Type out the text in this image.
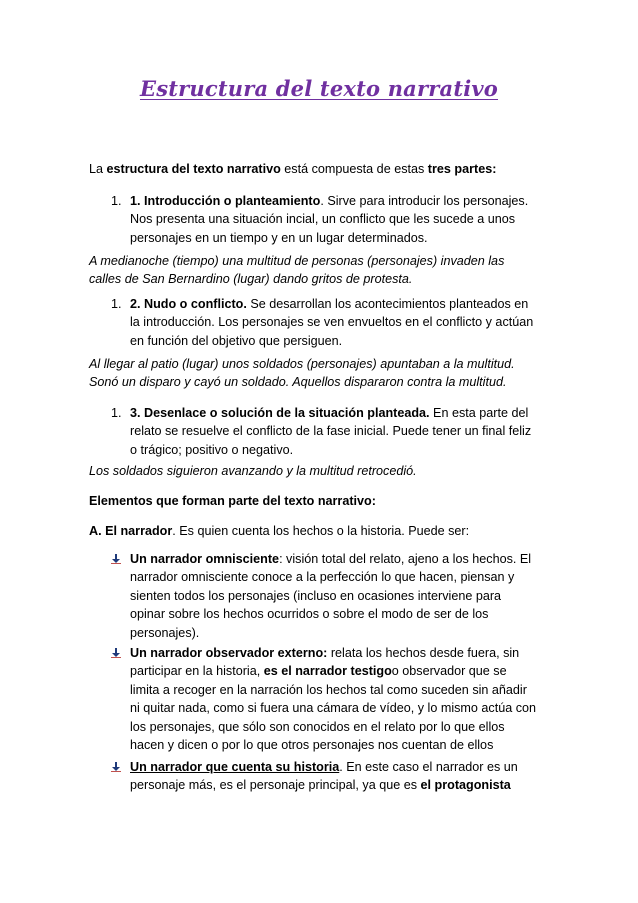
Estructura del texto narrativo
La estructura del texto narrativo está compuesta de estas tres partes:
1. 1. Introducción o planteamiento. Sirve para introducir los personajes.
Nos presenta una situación incial, un conflicto que les sucede a unos
personajes en un tiempo y en un lugar determinados.
A medianoche (tiempo) una multitud de personas (personajes) invaden las
calles de San Bernardino (lugar) dando gritos de protesta.
1. 2. Nudo o conflicto. Se desarrollan los acontecimientos planteados en
la introducción. Los personajes se ven envueltos en el conflicto y actúan
en función del objetivo que persiguen.
Al llegar al patio (lugar) unos soldados (personajes) apuntaban a la multitud.
Sonó un disparo y cayó un soldado. Aquellos dispararon contra la multitud.
1. 3. Desenlace o solución de la situación planteada. En esta parte del
relato se resuelve el conflicto de la fase inicial. Puede tener un final feliz
o trágico; positivo o negativo.
Los soldados siguieron avanzando y la multitud retrocedió.
Elementos que forman parte del texto narrativo:
A. El narrador. Es quien cuenta los hechos o la historia. Puede ser:
Un narrador omnisciente: visión total del relato, ajeno a los hechos. El
narrador omnisciente conoce a la perfección lo que hacen, piensan y
sienten todos los personajes (incluso en ocasiones interviene para
opinar sobre los hechos ocurridos o sobre el modo de ser de los
personajes).
Un narrador observador externo: relata los hechos desde fuera, sin
participar en la historia, es el narrador testigoo observador que se
limita a recoger en la narración los hechos tal como suceden sin añadir
ni quitar nada, como si fuera una cámara de vídeo, y lo mismo actúa con
los personajes, que sólo son conocidos en el relato por lo que ellos
hacen y dicen o por lo que otros personajes nos cuentan de ellos
Un narrador que cuenta su historia. En este caso el narrador es un
personaje más, es el personaje principal, ya que es el protagonista
